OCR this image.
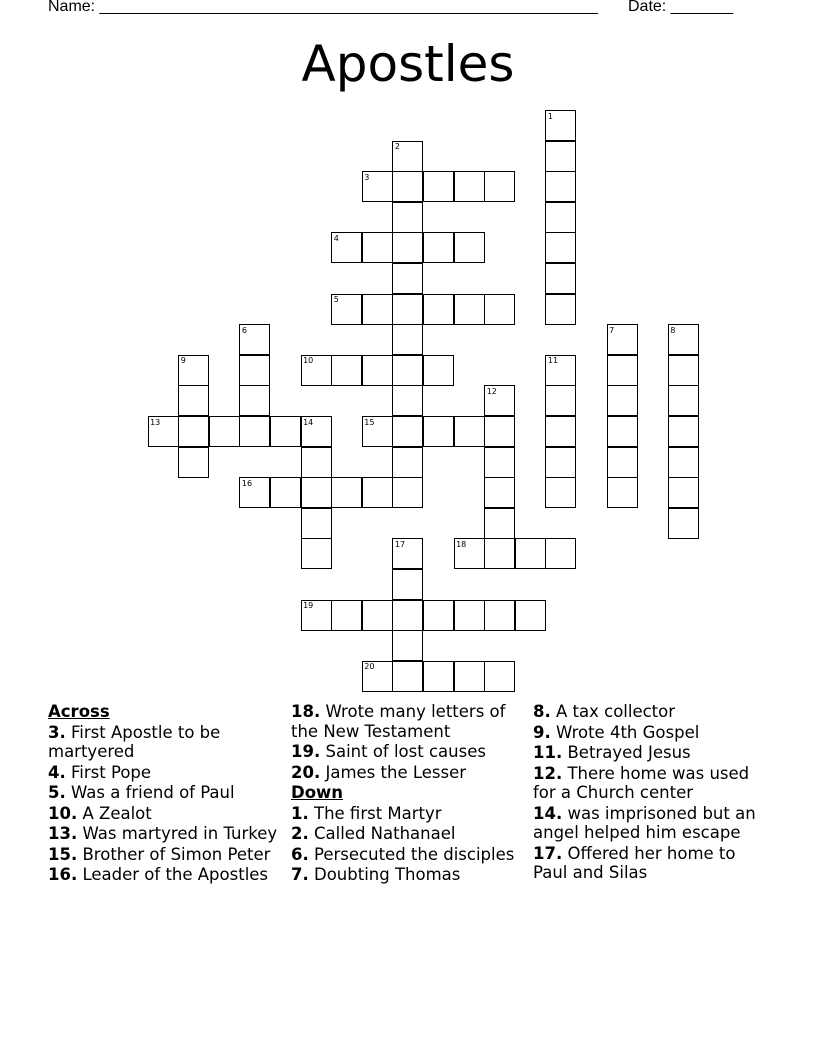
Name: ________________________________________________________ Date: _______
Apostles
1
2
3
4
5
6	7	8
9	10	11
12
13	14	15
16
17	18
19
20
Across
3. First Apostle to be martyered
4. First Pope
5. Was a friend of Paul
10. A Zealot
13. Was martyred in Turkey
15. Brother of Simon Peter
16. Leader of the Apostles
18. Wrote many letters of the New Testament
19. Saint of lost causes
20. James the Lesser
Down
1. The first Martyr
2. Called Nathanael
6. Persecuted the disciples
7. Doubting Thomas
8. A tax collector
9. Wrote 4th Gospel
11. Betrayed Jesus
12. There home was used for a Church center
14. was imprisoned but an angel helped him escape
17. Offered her home to Paul and Silas
